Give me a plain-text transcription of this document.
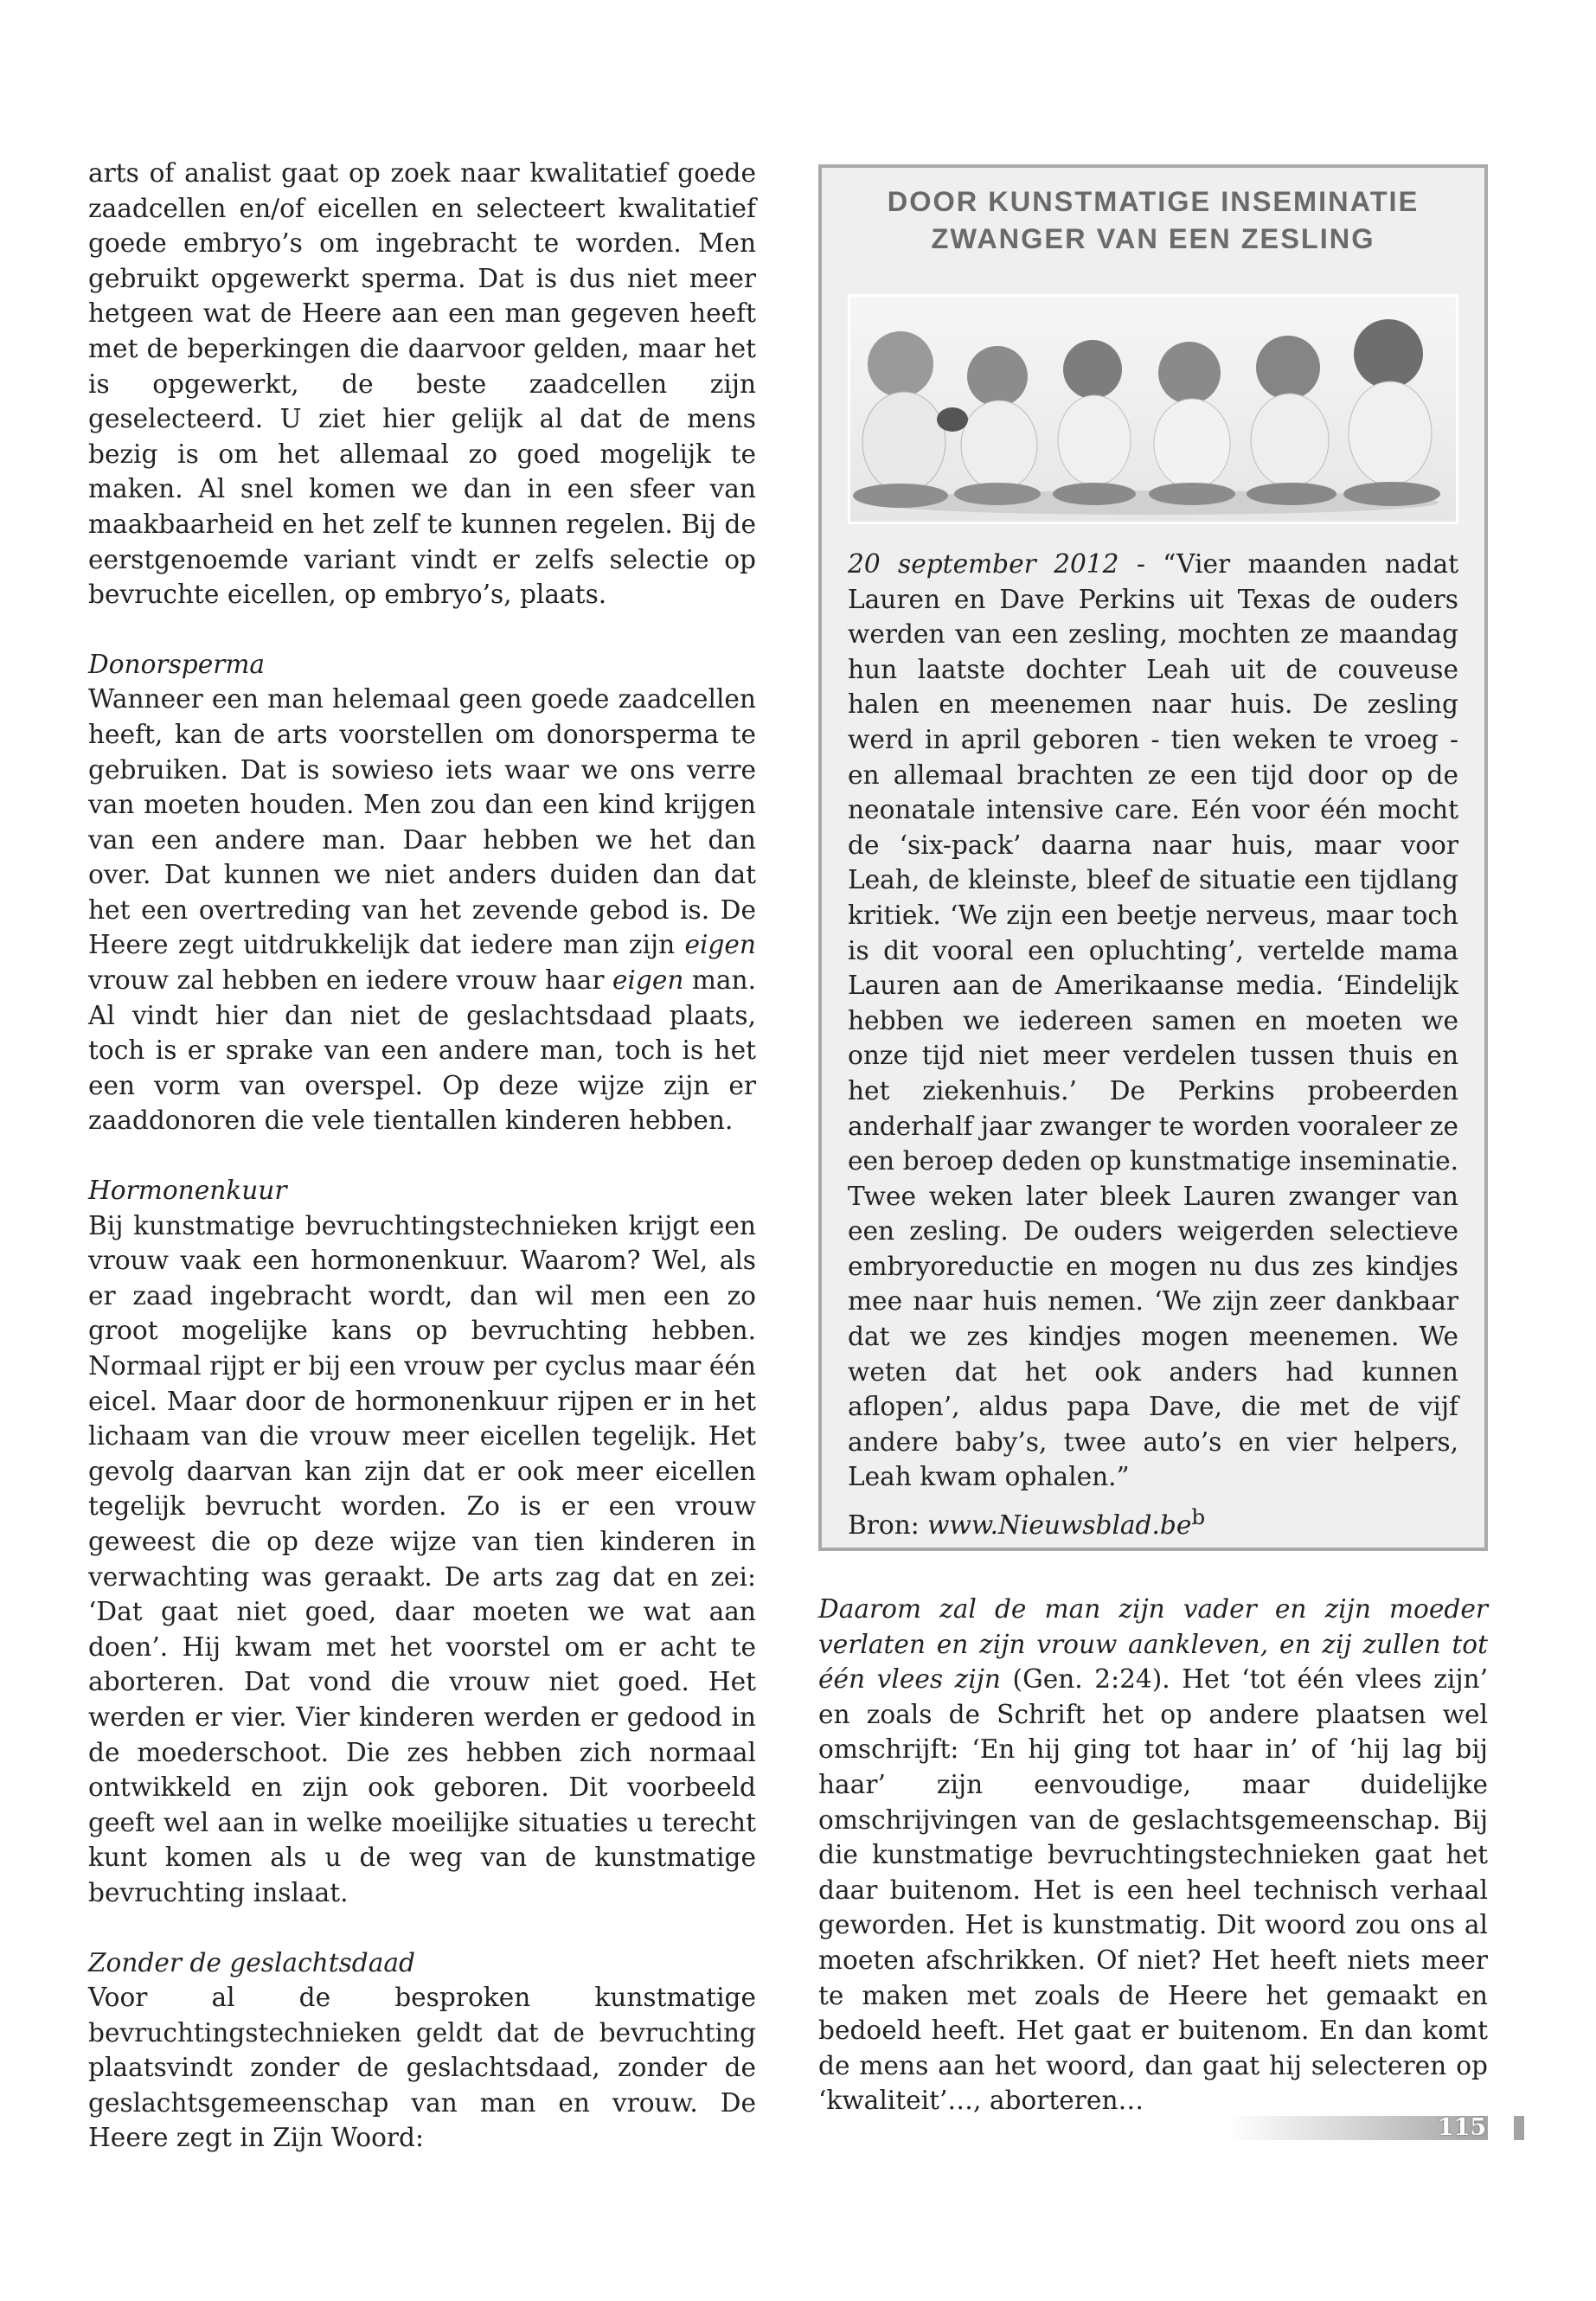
arts of analist gaat op zoek naar kwalitatief goede zaadcellen en/of eicellen en selecteert kwalitatief goede embryo’s om ingebracht te worden. Men gebruikt opgewerkt sperma. Dat is dus niet meer hetgeen wat de Heere aan een man gegeven heeft met de beperkingen die daarvoor gelden, maar het is opgewerkt, de beste zaadcellen zijn geselecteerd. U ziet hier gelijk al dat de mens bezig is om het allemaal zo goed mogelijk te maken. Al snel komen we dan in een sfeer van maakbaarheid en het zelf te kunnen regelen. Bij de eerstgenoemde variant vindt er zelfs selectie op bevruchte eicellen, op embryo’s, plaats.

Donorsperma
Wanneer een man helemaal geen goede zaadcellen heeft, kan de arts voorstellen om donorsperma te gebruiken. Dat is sowieso iets waar we ons verre van moeten houden. Men zou dan een kind krijgen van een andere man. Daar hebben we het dan over. Dat kunnen we niet anders duiden dan dat het een overtreding van het zevende gebod is. De Heere zegt uitdrukkelijk dat iedere man zijn eigen vrouw zal hebben en iedere vrouw haar eigen man. Al vindt hier dan niet de geslachtsdaad plaats, toch is er sprake van een andere man, toch is het een vorm van overspel. Op deze wijze zijn er zaaddonoren die vele tientallen kinderen hebben.

Hormonenkuur
Bij kunstmatige bevruchtingstechnieken krijgt een vrouw vaak een hormonenkuur. Waarom? Wel, als er zaad ingebracht wordt, dan wil men een zo groot mogelijke kans op bevruchting hebben. Normaal rijpt er bij een vrouw per cyclus maar één eicel. Maar door de hormonenkuur rijpen er in het lichaam van die vrouw meer eicellen tegelijk. Het gevolg daarvan kan zijn dat er ook meer eicellen tegelijk bevrucht worden. Zo is er een vrouw geweest die op deze wijze van tien kinderen in verwachting was geraakt. De arts zag dat en zei: ‘Dat gaat niet goed, daar moeten we wat aan doen’. Hij kwam met het voorstel om er acht te aborteren. Dat vond die vrouw niet goed. Het werden er vier. Vier kinderen werden er gedood in de moederschoot. Die zes hebben zich normaal ontwikkeld en zijn ook geboren. Dit voorbeeld geeft wel aan in welke moeilijke situaties u terecht kunt komen als u de weg van de kunstmatige bevruchting inslaat.

Zonder de geslachtsdaad
Voor al de besproken kunstmatige bevruchtingstechnieken geldt dat de bevruchting plaatsvindt zonder de geslachtsdaad, zonder de geslachtsgemeenschap van man en vrouw. De Heere zegt in Zijn Woord:

DOOR KUNSTMATIGE INSEMINATIE
ZWANGER VAN EEN ZESLING

20 september 2012 - “Vier maanden nadat Lauren en Dave Perkins uit Texas de ouders werden van een zesling, mochten ze maandag hun laatste dochter Leah uit de couveuse halen en meenemen naar huis. De zesling werd in april geboren - tien weken te vroeg - en allemaal brachten ze een tijd door op de neonatale intensive care. Eén voor één mocht de ‘six-pack’ daarna naar huis, maar voor Leah, de kleinste, bleef de situatie een tijdlang kritiek. ‘We zijn een beetje nerveus, maar toch is dit vooral een opluchting’, vertelde mama Lauren aan de Amerikaanse media. ‘Eindelijk hebben we iedereen samen en moeten we onze tijd niet meer verdelen tussen thuis en het ziekenhuis.’ De Perkins probeerden anderhalf jaar zwanger te worden vooraleer ze een beroep deden op kunstmatige inseminatie. Twee weken later bleek Lauren zwanger van een zesling. De ouders weigerden selectieve embryoreductie en mogen nu dus zes kindjes mee naar huis nemen. ‘We zijn zeer dankbaar dat we zes kindjes mogen meenemen. We weten dat het ook anders had kunnen aflopen’, aldus papa Dave, die met de vijf andere baby’s, twee auto’s en vier helpers, Leah kwam ophalen.”

Bron: $www.Nieuwsblad.be^b$

Daarom zal de man zijn vader en zijn moeder verlaten en zijn vrouw aankleven, en zij zullen tot één vlees zijn (Gen. 2:24). Het ‘tot één vlees zijn’ en zoals de Schrift het op andere plaatsen wel omschrijft: ‘En hij ging tot haar in’ of ‘hij lag bij haar’ zijn eenvoudige, maar duidelijke omschrijvingen van de geslachtsgemeenschap. Bij die kunstmatige bevruchtingstechnieken gaat het daar buitenom. Het is een heel technisch verhaal geworden. Het is kunstmatig. Dit woord zou ons al moeten afschrikken. Of niet? Het heeft niets meer te maken met zoals de Heere het gemaakt en bedoeld heeft. Het gaat er buitenom. En dan komt de mens aan het woord, dan gaat hij selecteren op ‘kwaliteit’…, aborteren…

115
